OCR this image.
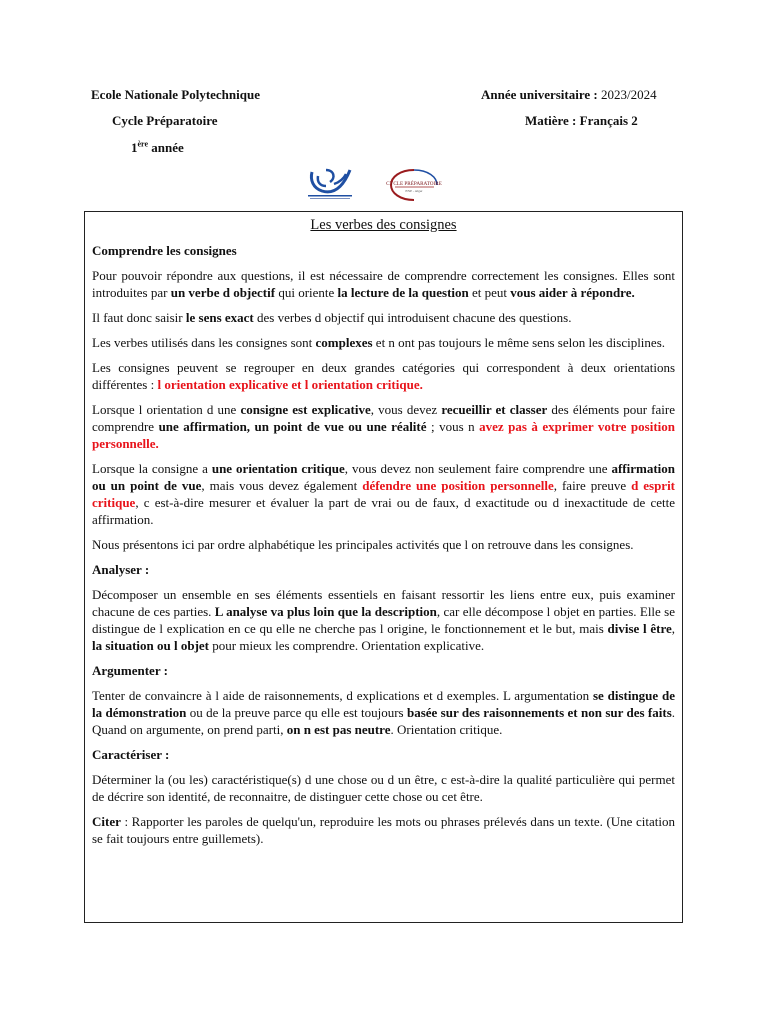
Ecole Nationale Polytechnique	Année universitaire : 2023/2024
Cycle Préparatoire	Matière : Français 2
1ère année
CYCLE PRÉPARATOIRE
ENP - Alger
Les verbes des consignes
Comprendre les consignes

Pour pouvoir répondre aux questions, il est nécessaire de comprendre correctement les consignes. Elles sont introduites par un verbe d objectif qui oriente la lecture de la question et peut vous aider à répondre.

Il faut donc saisir le sens exact des verbes d objectif qui introduisent chacune des questions.

Les verbes utilisés dans les consignes sont complexes et n ont pas toujours le même sens selon les disciplines.

Les consignes peuvent se regrouper en deux grandes catégories qui correspondent à deux orientations différentes : l orientation explicative et l orientation critique.

Lorsque l orientation d une consigne est explicative, vous devez recueillir et classer des éléments pour faire comprendre une affirmation, un point de vue ou une réalité ; vous n avez pas à exprimer votre position personnelle.

Lorsque la consigne a une orientation critique, vous devez non seulement faire comprendre une affirmation ou un point de vue, mais vous devez également défendre une position personnelle, faire preuve d esprit critique, c est-à-dire mesurer et évaluer la part de vrai ou de faux, d exactitude ou d inexactitude de cette affirmation.

Nous présentons ici par ordre alphabétique les principales activités que l on retrouve dans les consignes.

Analyser :

Décomposer un ensemble en ses éléments essentiels en faisant ressortir les liens entre eux, puis examiner chacune de ces parties. L analyse va plus loin que la description, car elle décompose l objet en parties. Elle se distingue de l explication en ce qu elle ne cherche pas l origine, le fonctionnement et le but, mais divise l être, la situation ou l objet pour mieux les comprendre. Orientation explicative.

Argumenter :

Tenter de convaincre à l aide de raisonnements, d explications et d exemples. L argumentation se distingue de la démonstration ou de la preuve parce qu elle est toujours basée sur des raisonnements et non sur des faits. Quand on argumente, on prend parti, on n est pas neutre. Orientation critique.

Caractériser :

Déterminer la (ou les) caractéristique(s) d une chose ou d un être, c est-à-dire la qualité particulière qui permet de décrire son identité, de reconnaitre, de distinguer cette chose ou cet être.

Citer : Rapporter les paroles de quelqu'un, reproduire les mots ou phrases prélevés dans un texte. (Une citation se fait toujours entre guillemets).
